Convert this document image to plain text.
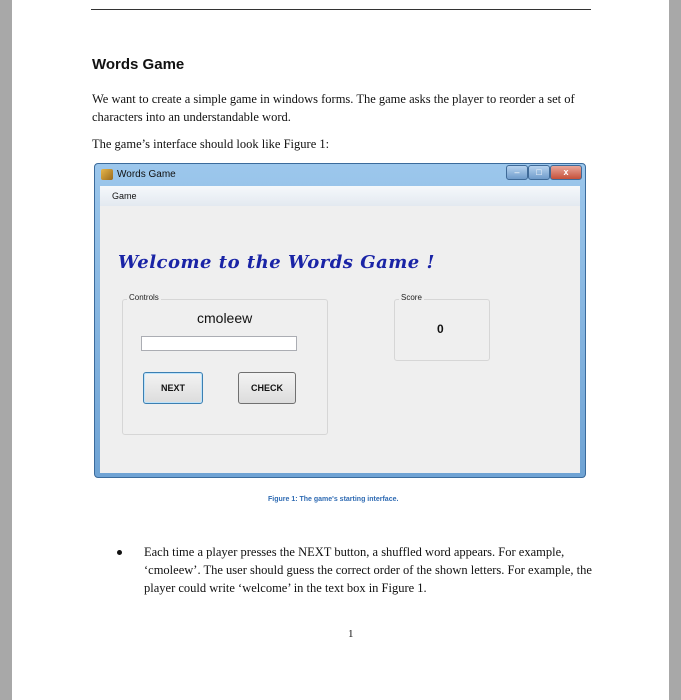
Words Game
We want to create a simple game in windows forms. The game asks the player to reorder a set of characters into an understandable word.
The game’s interface should look like Figure 1:
Words Game	–	□	x
Game
Welcome to the Words Game !
Controls
cmoleew
NEXT	CHECK
Score
0
Figure 1: The game's starting interface.
Each time a player presses the NEXT button, a shuffled word appears. For example, ‘cmoleew’. The user should guess the correct order of the shown letters. For example, the player could write ‘welcome’ in the text box in Figure 1.
1
